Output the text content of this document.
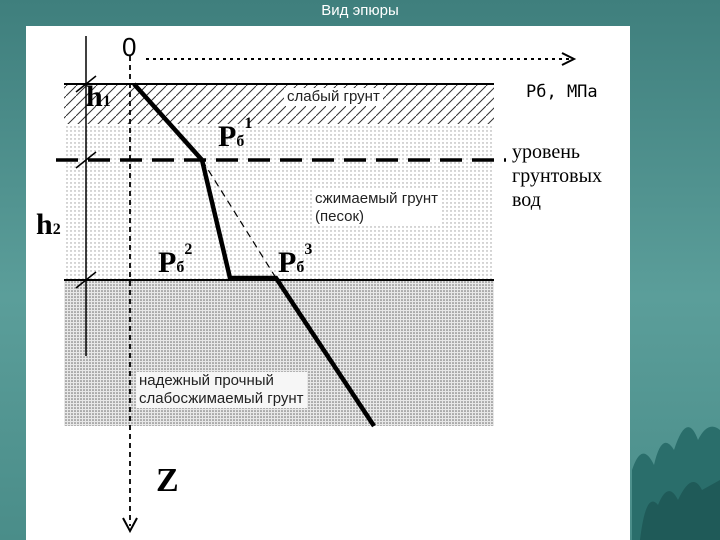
Вид эпюры
0
Рб, МПа
h1
h2
$Рб^1$
$Рб^2$	$Рб^3$
слабый грунт
сжимаемый грунт
(песок)
уровень
грунтовых
вод
надежный прочный
слабосжимаемый грунт
Z
